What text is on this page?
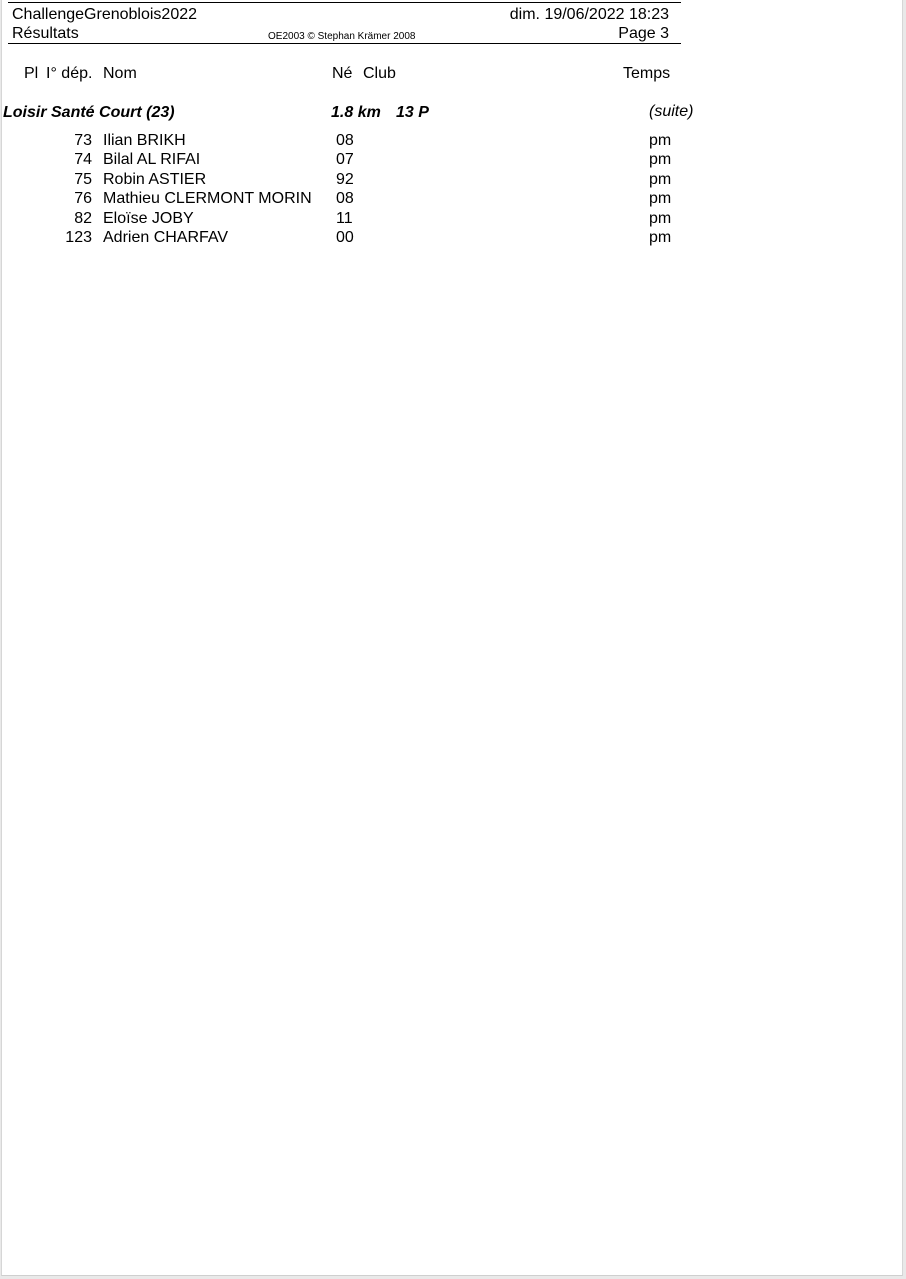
ChallengeGrenoblois2022	dim. 19/06/2022 18:23
Résultats	OE2003 © Stephan Krämer 2008	Page 3
Pl I° dép. Nom	Né Club	Temps
Loisir Santé Court (23)	1.8 km 13 P	(suite)
73 Ilian BRIKH	08	pm
74 Bilal AL RIFAI	07	pm
75 Robin ASTIER	92	pm
76 Mathieu CLERMONT MORIN 08	pm
82 Eloïse JOBY	11	pm
123 Adrien CHARFAV	00	pm
